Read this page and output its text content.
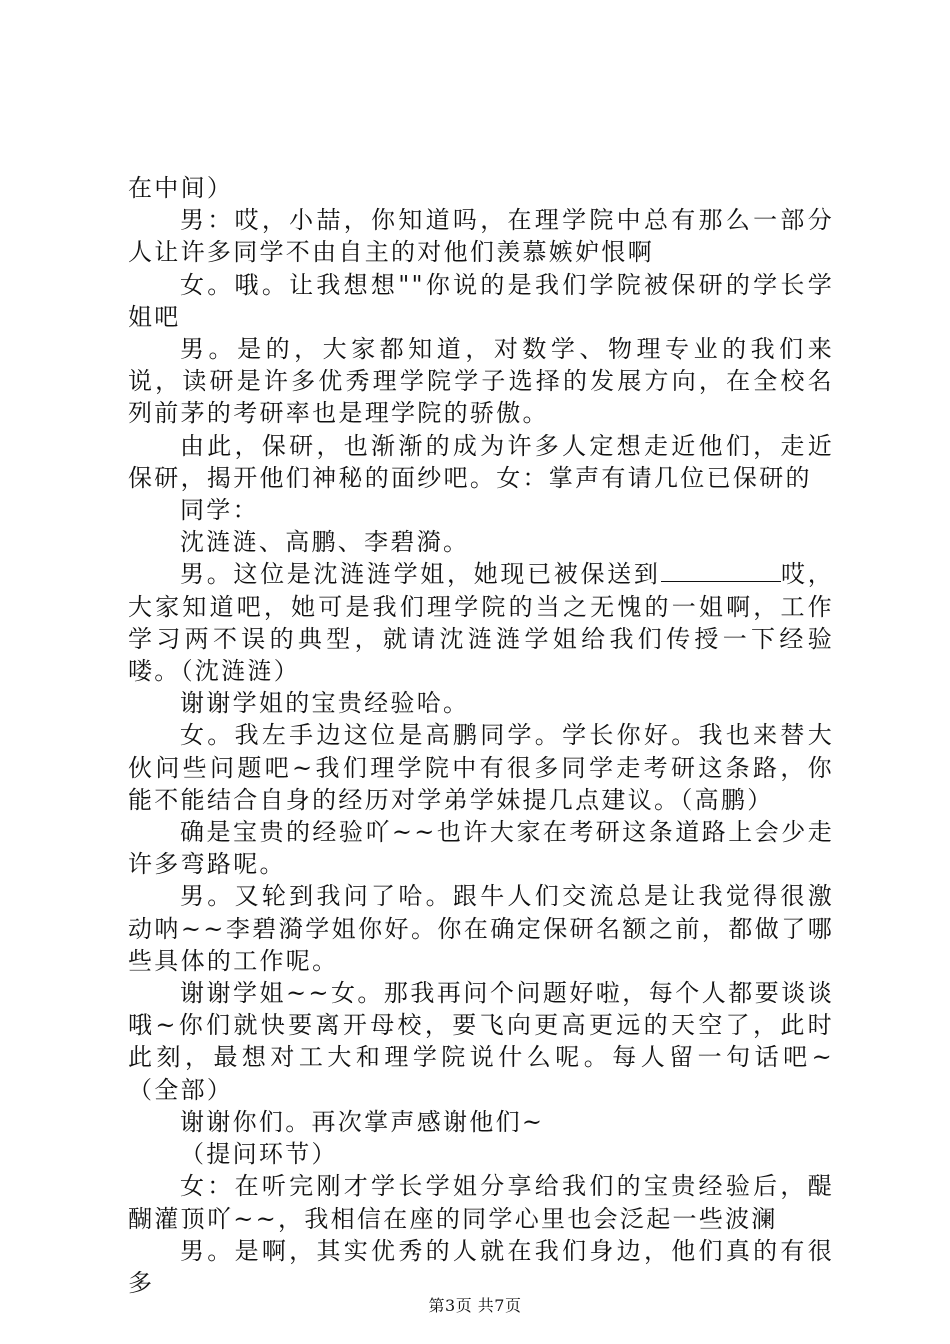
在中间）

男：哎，小喆，你知道吗，在理学院中总有那么一部分人让许多同学不由自主的对他们羡慕嫉妒恨啊

女。哦。让我想想""你说的是我们学院被保研的学长学姐吧

男。是的，大家都知道，对数学、物理专业的我们来说，读研是许多优秀理学院学子选择的发展方向，在全校名列前茅的考研率也是理学院的骄傲。

由此，保研，也渐渐的成为许多人定想走近他们，走近保研，揭开他们神秘的面纱吧。女：掌声有请几位已保研的

同学：

沈涟涟、高鹏、李碧漪。

男。这位是沈涟涟学姐，她现已被保送到	哎，大家知道吧，她可是我们理学院的当之无愧的一姐啊，工作学习两不误的典型，就请沈涟涟学姐给我们传授一下经验喽。（沈涟涟）

谢谢学姐的宝贵经验哈。

女。我左手边这位是高鹏同学。学长你好。我也来替大伙问些问题吧~我们理学院中有很多同学走考研这条路，你能不能结合自身的经历对学弟学妹提几点建议。（高鹏）

确是宝贵的经验吖~~也许大家在考研这条道路上会少走许多弯路呢。

男。又轮到我问了哈。跟牛人们交流总是让我觉得很激动呐~~李碧漪学姐你好。你在确定保研名额之前，都做了哪些具体的工作呢。

谢谢学姐~~女。那我再问个问题好啦，每个人都要谈谈哦~你们就快要离开母校，要飞向更高更远的天空了，此时此刻，最想对工大和理学院说什么呢。每人留一句话吧~（全部）

谢谢你们。再次掌声感谢他们~

（提问环节）

女：在听完刚才学长学姐分享给我们的宝贵经验后，醍醐灌顶吖~~，我相信在座的同学心里也会泛起一些波澜

男。是啊，其实优秀的人就在我们身边，他们真的有很多

第3页 共7页
